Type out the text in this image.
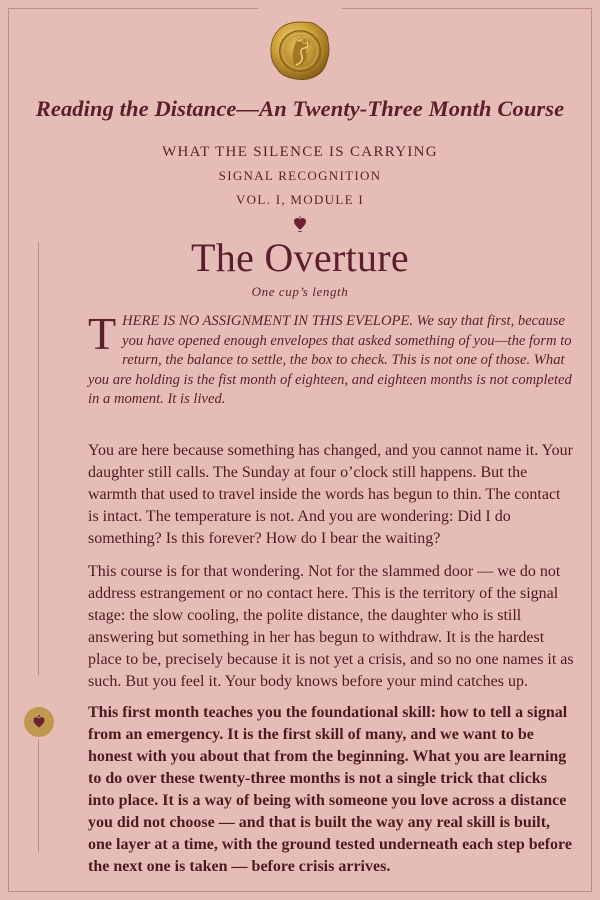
Reading the Distance—An Twenty-Three Month Course
WHAT THE SILENCE IS CARRYING
SIGNAL RECOGNITION
VOL. I, MODULE I
The Overture
One cup’s length
THERE IS NO ASSIGNMENT IN THIS EVELOPE. We say that first, because you have opened enough envelopes that asked something of you—the form to return, the balance to settle, the box to check. This is not one of those. What you are holding is the fist month of eighteen, and eighteen months is not completed in a moment. It is lived.
You are here because something has changed, and you cannot name it. Your daughter still calls. The Sunday at four o’clock still happens. But the warmth that used to travel inside the words has begun to thin. The contact is intact. The temperature is not. And you are wondering: Did I do something? Is this forever? How do I bear the waiting?
This course is for that wondering. Not for the slammed door — we do not address estrangement or no contact here. This is the territory of the signal stage: the slow cooling, the polite distance, the daughter who is still answering but something in her has begun to withdraw. It is the hardest place to be, precisely because it is not yet a crisis, and so no one names it as such. But you feel it. Your body knows before your mind catches up.
This first month teaches you the foundational skill: how to tell a signal from an emergency. It is the first skill of many, and we want to be honest with you about that from the beginning. What you are learning to do over these twenty-three months is not a single trick that clicks into place. It is a way of being with someone you love across a distance you did not choose — and that is built the way any real skill is built, one layer at a time, with the ground tested underneath each step before the next one is taken — before crisis arrives.
